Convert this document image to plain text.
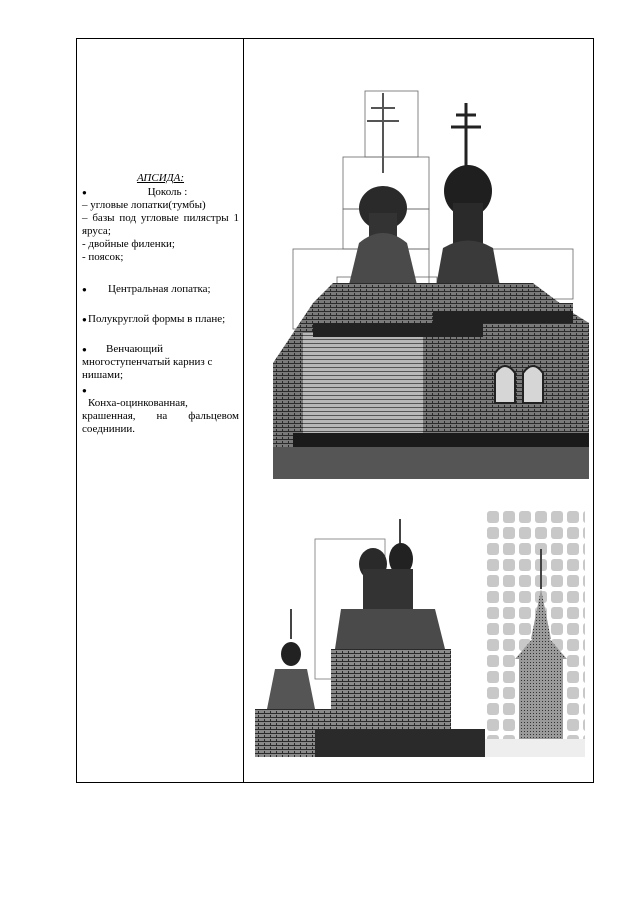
АПСИДА:
●	Цоколь :
– угловые лопатки(тумбы)
– базы под угловые пилястры 1 яруса;
- двойные филенки;
- поясок;
●	Центральная лопатка;
● Полукруглой формы в плане;
●	Венчающий многоступенчатый карниз с нишами;
●
Конха-оцинкованная, крашенная, на фальцевом соеднинии.
